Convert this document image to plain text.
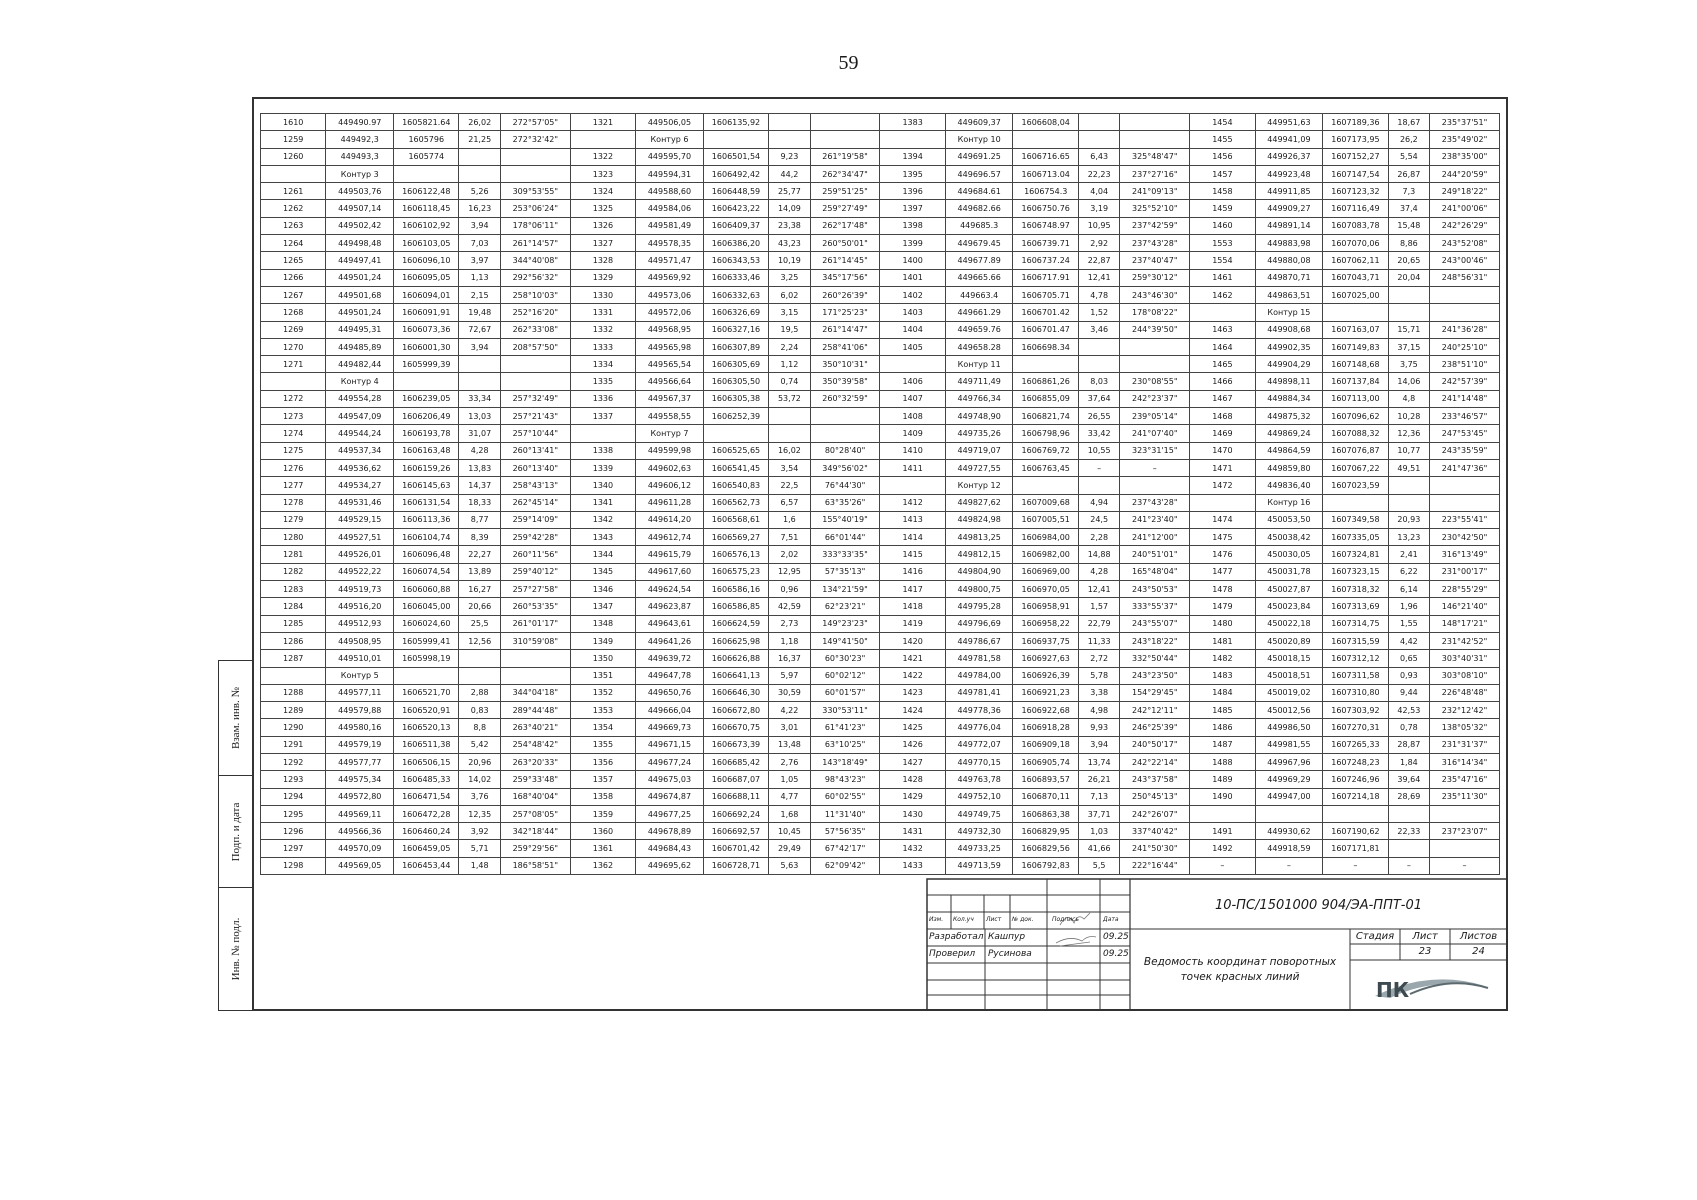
59
Взам. инв. №
Подп. и дата
Инв. № подл.
1610	449490.97	1605821.64	26,02	272°57'05"	1321	449506,05	1606135,92			1383	449609,37	1606608,04			1454	449951,63	1607189,36	18,67	235°37'51"
1259	449492,3	1605796	21,25	272°32'42"		Контур 6					Контур 10				1455	449941,09	1607173,95	26,2	235°49'02"
1260	449493,3	1605774			1322	449595,70	1606501,54	9,23	261°19'58"	1394	449691.25	1606716.65	6,43	325°48'47"	1456	449926,37	1607152,27	5,54	238°35'00"
	Контур 3				1323	449594,31	1606492,42	44,2	262°34'47"	1395	449696.57	1606713.04	22,23	237°27'16"	1457	449923,48	1607147,54	26,87	244°20'59"
1261	449503,76	1606122,48	5,26	309°53'55"	1324	449588,60	1606448,59	25,77	259°51'25"	1396	449684.61	1606754.3	4,04	241°09'13"	1458	449911,85	1607123,32	7,3	249°18'22"
1262	449507,14	1606118,45	16,23	253°06'24"	1325	449584,06	1606423,22	14,09	259°27'49"	1397	449682.66	1606750.76	3,19	325°52'10"	1459	449909,27	1607116,49	37,4	241°00'06"
1263	449502,42	1606102,92	3,94	178°06'11"	1326	449581,49	1606409,37	23,38	262°17'48"	1398	449685.3	1606748.97	10,95	237°42'59"	1460	449891,14	1607083,78	15,48	242°26'29"
1264	449498,48	1606103,05	7,03	261°14'57"	1327	449578,35	1606386,20	43,23	260°50'01"	1399	449679.45	1606739.71	2,92	237°43'28"	1553	449883,98	1607070,06	8,86	243°52'08"
1265	449497,41	1606096,10	3,97	344°40'08"	1328	449571,47	1606343,53	10,19	261°14'45"	1400	449677.89	1606737.24	22,87	237°40'47"	1554	449880,08	1607062,11	20,65	243°00'46"
1266	449501,24	1606095,05	1,13	292°56'32"	1329	449569,92	1606333,46	3,25	345°17'56"	1401	449665.66	1606717.91	12,41	259°30'12"	1461	449870,71	1607043,71	20,04	248°56'31"
1267	449501,68	1606094,01	2,15	258°10'03"	1330	449573,06	1606332,63	6,02	260°26'39"	1402	449663.4	1606705.71	4,78	243°46'30"	1462	449863,51	1607025,00		
1268	449501,24	1606091,91	19,48	252°16'20"	1331	449572,06	1606326,69	3,15	171°25'23"	1403	449661.29	1606701.42	1,52	178°08'22"		Контур 15			
1269	449495,31	1606073,36	72,67	262°33'08"	1332	449568,95	1606327,16	19,5	261°14'47"	1404	449659.76	1606701.47	3,46	244°39'50"	1463	449908,68	1607163,07	15,71	241°36'28"
1270	449485,89	1606001,30	3,94	208°57'50"	1333	449565,98	1606307,89	2,24	258°41'06"	1405	449658.28	1606698.34			1464	449902,35	1607149,83	37,15	240°25'10"
1271	449482,44	1605999,39			1334	449565,54	1606305,69	1,12	350°10'31"		Контур 11				1465	449904,29	1607148,68	3,75	238°51'10"
	Контур 4				1335	449566,64	1606305,50	0,74	350°39'58"	1406	449711,49	1606861,26	8,03	230°08'55"	1466	449898,11	1607137,84	14,06	242°57'39"
1272	449554,28	1606239,05	33,34	257°32'49"	1336	449567,37	1606305,38	53,72	260°32'59"	1407	449766,34	1606855,09	37,64	242°23'37"	1467	449884,34	1607113,00	4,8	241°14'48"
1273	449547,09	1606206,49	13,03	257°21'43"	1337	449558,55	1606252,39			1408	449748,90	1606821,74	26,55	239°05'14"	1468	449875,32	1607096,62	10,28	233°46'57"
1274	449544,24	1606193,78	31,07	257°10'44"		Контур 7				1409	449735,26	1606798,96	33,42	241°07'40"	1469	449869,24	1607088,32	12,36	247°53'45"
1275	449537,34	1606163,48	4,28	260°13'41"	1338	449599,98	1606525,65	16,02	80°28'40"	1410	449719,07	1606769,72	10,55	323°31'15"	1470	449864,59	1607076,87	10,77	243°35'59"
1276	449536,62	1606159,26	13,83	260°13'40"	1339	449602,63	1606541,45	3,54	349°56'02"	1411	449727,55	1606763,45	–	–	1471	449859,80	1607067,22	49,51	241°47'36"
1277	449534,27	1606145,63	14,37	258°43'13"	1340	449606,12	1606540,83	22,5	76°44'30"		Контур 12				1472	449836,40	1607023,59		
1278	449531,46	1606131,54	18,33	262°45'14"	1341	449611,28	1606562,73	6,57	63°35'26"	1412	449827,62	1607009,68	4,94	237°43'28"		Контур 16			
1279	449529,15	1606113,36	8,77	259°14'09"	1342	449614,20	1606568,61	1,6	155°40'19"	1413	449824,98	1607005,51	24,5	241°23'40"	1474	450053,50	1607349,58	20,93	223°55'41"
1280	449527,51	1606104,74	8,39	259°42'28"	1343	449612,74	1606569,27	7,51	66°01'44"	1414	449813,25	1606984,00	2,28	241°12'00"	1475	450038,42	1607335,05	13,23	230°42'50"
1281	449526,01	1606096,48	22,27	260°11'56"	1344	449615,79	1606576,13	2,02	333°33'35"	1415	449812,15	1606982,00	14,88	240°51'01"	1476	450030,05	1607324,81	2,41	316°13'49"
1282	449522,22	1606074,54	13,89	259°40'12"	1345	449617,60	1606575,23	12,95	57°35'13"	1416	449804,90	1606969,00	4,28	165°48'04"	1477	450031,78	1607323,15	6,22	231°00'17"
1283	449519,73	1606060,88	16,27	257°27'58"	1346	449624,54	1606586,16	0,96	134°21'59"	1417	449800,75	1606970,05	12,41	243°50'53"	1478	450027,87	1607318,32	6,14	228°55'29"
1284	449516,20	1606045,00	20,66	260°53'35"	1347	449623,87	1606586,85	42,59	62°23'21"	1418	449795,28	1606958,91	1,57	333°55'37"	1479	450023,84	1607313,69	1,96	146°21'40"
1285	449512,93	1606024,60	25,5	261°01'17"	1348	449643,61	1606624,59	2,73	149°23'23"	1419	449796,69	1606958,22	22,79	243°55'07"	1480	450022,18	1607314,75	1,55	148°17'21"
1286	449508,95	1605999,41	12,56	310°59'08"	1349	449641,26	1606625,98	1,18	149°41'50"	1420	449786,67	1606937,75	11,33	243°18'22"	1481	450020,89	1607315,59	4,42	231°42'52"
1287	449510,01	1605998,19			1350	449639,72	1606626,88	16,37	60°30'23"	1421	449781,58	1606927,63	2,72	332°50'44"	1482	450018,15	1607312,12	0,65	303°40'31"
	Контур 5				1351	449647,78	1606641,13	5,97	60°02'12"	1422	449784,00	1606926,39	5,78	243°23'50"	1483	450018,51	1607311,58	0,93	303°08'10"
1288	449577,11	1606521,70	2,88	344°04'18"	1352	449650,76	1606646,30	30,59	60°01'57"	1423	449781,41	1606921,23	3,38	154°29'45"	1484	450019,02	1607310,80	9,44	226°48'48"
1289	449579,88	1606520,91	0,83	289°44'48"	1353	449666,04	1606672,80	4,22	330°53'11"	1424	449778,36	1606922,68	4,98	242°12'11"	1485	450012,56	1607303,92	42,53	232°12'42"
1290	449580,16	1606520,13	8,8	263°40'21"	1354	449669,73	1606670,75	3,01	61°41'23"	1425	449776,04	1606918,28	9,93	246°25'39"	1486	449986,50	1607270,31	0,78	138°05'32"
1291	449579,19	1606511,38	5,42	254°48'42"	1355	449671,15	1606673,39	13,48	63°10'25"	1426	449772,07	1606909,18	3,94	240°50'17"	1487	449981,55	1607265,33	28,87	231°31'37"
1292	449577,77	1606506,15	20,96	263°20'33"	1356	449677,24	1606685,42	2,76	143°18'49"	1427	449770,15	1606905,74	13,74	242°22'14"	1488	449967,96	1607248,23	1,84	316°14'34"
1293	449575,34	1606485,33	14,02	259°33'48"	1357	449675,03	1606687,07	1,05	98°43'23"	1428	449763,78	1606893,57	26,21	243°37'58"	1489	449969,29	1607246,96	39,64	235°47'16"
1294	449572,80	1606471,54	3,76	168°40'04"	1358	449674,87	1606688,11	4,77	60°02'55"	1429	449752,10	1606870,11	7,13	250°45'13"	1490	449947,00	1607214,18	28,69	235°11'30"
1295	449569,11	1606472,28	12,35	257°08'05"	1359	449677,25	1606692,24	1,68	11°31'40"	1430	449749,75	1606863,38	37,71	242°26'07"					
1296	449566,36	1606460,24	3,92	342°18'44"	1360	449678,89	1606692,57	10,45	57°56'35"	1431	449732,30	1606829,95	1,03	337°40'42"	1491	449930,62	1607190,62	22,33	237°23'07"
1297	449570,09	1606459,05	5,71	259°29'56"	1361	449684,43	1606701,42	29,49	67°42'17"	1432	449733,25	1606829,56	41,66	241°50'30"	1492	449918,59	1607171,81		
1298	449569,05	1606453,44	1,48	186°58'51"	1362	449695,62	1606728,71	5,63	62°09'42"	1433	449713,59	1606792,83	5,5	222°16'44"	–	–	–	–	–
10-ПС/1501000 904/ЭА-ППТ-01
Изм.	Кол.уч	Лист	№ док.	Подпись	Дата
Разработал Кашпур	09.25
Проверил Русинова	09.25
Ведомость координат поворотных точек красных линий
Стадия	Лист	Листов
23	24
ПК
